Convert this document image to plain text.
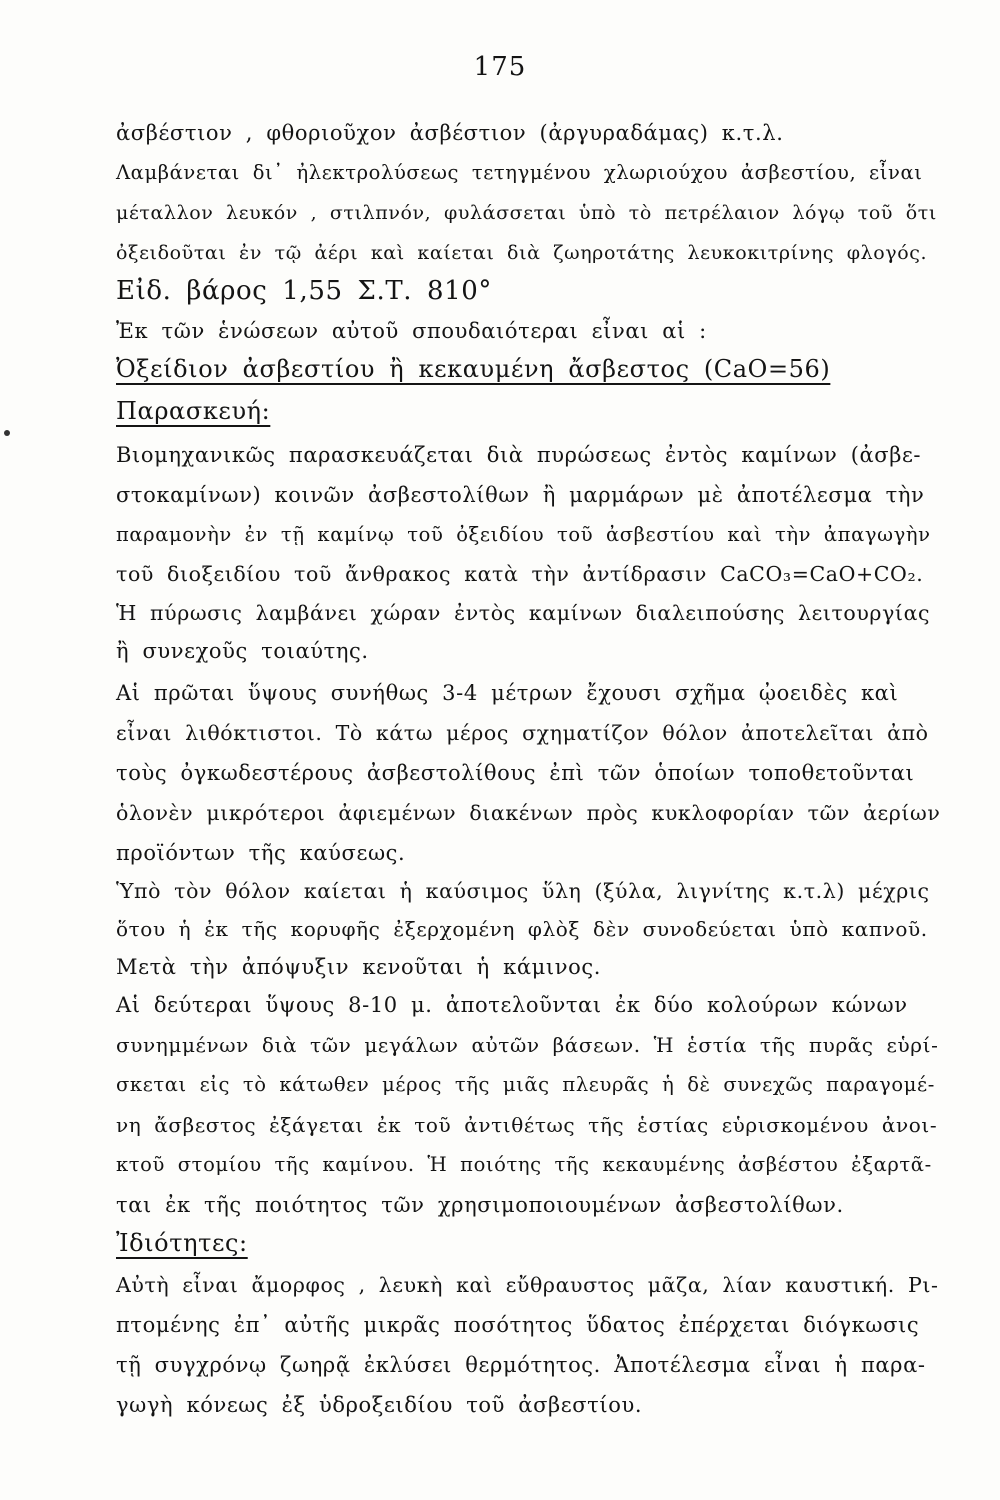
175
ἀσβέστιον , φθοριοῦχον ἀσβέστιον (ἀργυραδάμας) κ.τ.λ.
Λαμβάνεται δι᾽ ἠλεκτρολύσεως τετηγμένου χλωριούχου ἀσβεστίου, εἶναι
μέταλλον λευκόν , στιλπνόν, φυλάσσεται ὑπὸ τὸ πετρέλαιον λόγῳ τοῦ ὅτι
ὀξειδοῦται ἐν τῷ ἀέρι καὶ καίεται διὰ ζωηροτάτης λευκοκιτρίνης φλογός.
Εἰδ. βάρος 1,55 Σ.Τ. 810°
Ἐκ τῶν ἑνώσεων αὐτοῦ σπουδαιότεραι εἶναι αἱ :
Ὀξείδιον ἀσβεστίου ἢ κεκαυμένη ἄσβεστος (CaO=56)
Παρασκευή:
Βιομηχανικῶς παρασκευάζεται διὰ πυρώσεως ἐντὸς καμίνων (ἀσβε-
στοκαμίνων) κοινῶν ἀσβεστολίθων ἢ μαρμάρων μὲ ἀποτέλεσμα τὴν
παραμονὴν ἐν τῇ καμίνῳ τοῦ ὀξειδίου τοῦ ἀσβεστίου καὶ τὴν ἀπαγωγὴν
τοῦ διοξειδίου τοῦ ἄνθρακος κατὰ τὴν ἀντίδρασιν CaCO₃=CaO+CO₂.
Ἡ πύρωσις λαμβάνει χώραν ἐντὸς καμίνων διαλειπούσης λειτουργίας
ἢ συνεχοῦς τοιαύτης.
Αἱ πρῶται ὕψους συνήθως 3-4 μέτρων ἔχουσι σχῆμα ᾠοειδὲς καὶ
εἶναι λιθόκτιστοι. Τὸ κάτω μέρος σχηματίζον θόλον ἀποτελεῖται ἀπὸ
τοὺς ὀγκωδεστέρους ἀσβεστολίθους ἐπὶ τῶν ὁποίων τοποθετοῦνται
ὁλονὲν μικρότεροι ἀφιεμένων διακένων πρὸς κυκλοφορίαν τῶν ἀερίων
προϊόντων τῆς καύσεως.
Ὑπὸ τὸν θόλον καίεται ἡ καύσιμος ὕλη (ξύλα, λιγνίτης κ.τ.λ) μέχρις
ὅτου ἡ ἐκ τῆς κορυφῆς ἐξερχομένη φλὸξ δὲν συνοδεύεται ὑπὸ καπνοῦ.
Μετὰ τὴν ἀπόψυξιν κενοῦται ἡ κάμινος.
Αἱ δεύτεραι ὕψους 8-10 μ. ἀποτελοῦνται ἐκ δύο κολούρων κώνων
συνημμένων διὰ τῶν μεγάλων αὐτῶν βάσεων. Ἡ ἑστία τῆς πυρᾶς εὑρί-
σκεται εἰς τὸ κάτωθεν μέρος τῆς μιᾶς πλευρᾶς ἡ δὲ συνεχῶς παραγομέ-
νη ἄσβεστος ἐξάγεται ἐκ τοῦ ἀντιθέτως τῆς ἑστίας εὑρισκομένου ἀνοι-
κτοῦ στομίου τῆς καμίνου. Ἡ ποιότης τῆς κεκαυμένης ἀσβέστου ἐξαρτᾶ-
ται ἐκ τῆς ποιότητος τῶν χρησιμοποιουμένων ἀσβεστολίθων.
Ἰδιότητες:
Αὐτὴ εἶναι ἄμορφος , λευκὴ καὶ εὔθραυστος μᾶζα, λίαν καυστική. Ρι-
πτομένης ἐπ᾽ αὐτῆς μικρᾶς ποσότητος ὕδατος ἐπέρχεται διόγκωσις
τῇ συγχρόνῳ ζωηρᾷ ἐκλύσει θερμότητος. Ἀποτέλεσμα εἶναι ἡ παρα-
γωγὴ κόνεως ἐξ ὑδροξειδίου τοῦ ἀσβεστίου.
